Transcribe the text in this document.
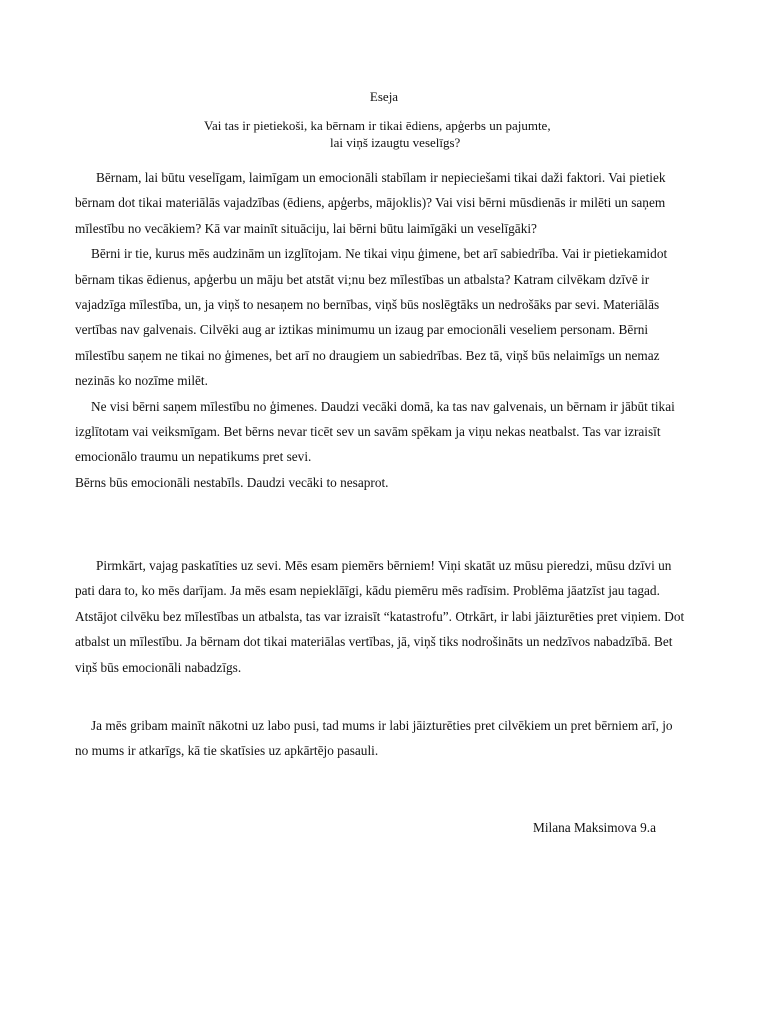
Eseja
Vai tas ir pietiekoši, ka bērnam ir tikai ēdiens, apģerbs un pajumte,
lai viņš izaugtu veselīgs?

Bērnam, lai būtu veselīgam, laimīgam un emocionāli stabīlam ir nepieciešami tikai daži faktori. Vai pietiek bērnam dot tikai materiālās vajadzības (ēdiens, apģerbs, mājoklis)? Vai visi bērni mūsdienās ir milēti un saņem mīlestību no vecākiem? Kā var mainīt situāciju, lai bērni būtu laimīgāki un veselīgāki?

Bērni ir tie, kurus mēs audzinām un izglītojam. Ne tikai viņu ģimene, bet arī sabiedrība. Vai ir pietiekamidot bērnam tikas ēdienus, apģerbu un māju bet atstāt vi;nu bez mīlestības un atbalsta? Katram cilvēkam dzīvē ir vajadzīga mīlestība, un, ja viņš to nesaņem no bernības, viņš būs noslēgtāks un nedrošāks par sevi. Materiālās vertības nav galvenais. Cilvēki aug ar iztikas minimumu un izaug par emocionāli veseliem personam. Bērni mīlestību saņem ne tikai no ģimenes, bet arī no draugiem un sabiedrības. Bez tā, viņš būs nelaimīgs un nemaz nezinās ko nozīme milēt.

Ne visi bērni saņem mīlestību no ģimenes. Daudzi vecāki domā, ka tas nav galvenais, un bērnam ir jābūt tikai izglītotam vai veiksmīgam. Bet bērns nevar ticēt sev un savām spēkam ja viņu nekas neatbalst. Tas var izraisīt emocionālo traumu un nepatikums pret sevi.

Bērns būs emocionāli nestabīls. Daudzi vecāki to nesaprot.

Pirmkārt, vajag paskatīties uz sevi. Mēs esam piemērs bērniem! Viņi skatāt uz mūsu pieredzi, mūsu dzīvi un pati dara to, ko mēs darījam. Ja mēs esam nepieklāīgi, kādu piemēru mēs radīsim. Problēma jāatzīst jau tagad. Atstājot cilvēku bez mīlestības un atbalsta, tas var izraisīt “katastrofu”. Otrkārt, ir labi jāizturēties pret viņiem. Dot atbalst un mīlestību. Ja bērnam dot tikai materiālas vertības, jā, viņš tiks nodrošināts un nedzīvos nabadzībā. Bet viņš būs emocionāli nabadzīgs.

Ja mēs gribam mainīt nākotni uz labo pusi, tad mums ir labi jāizturēties pret cilvēkiem un pret bērniem arī, jo no mums ir atkarīgs, kā tie skatīsies uz apkārtējo pasauli.

Milana Maksimova 9.a
